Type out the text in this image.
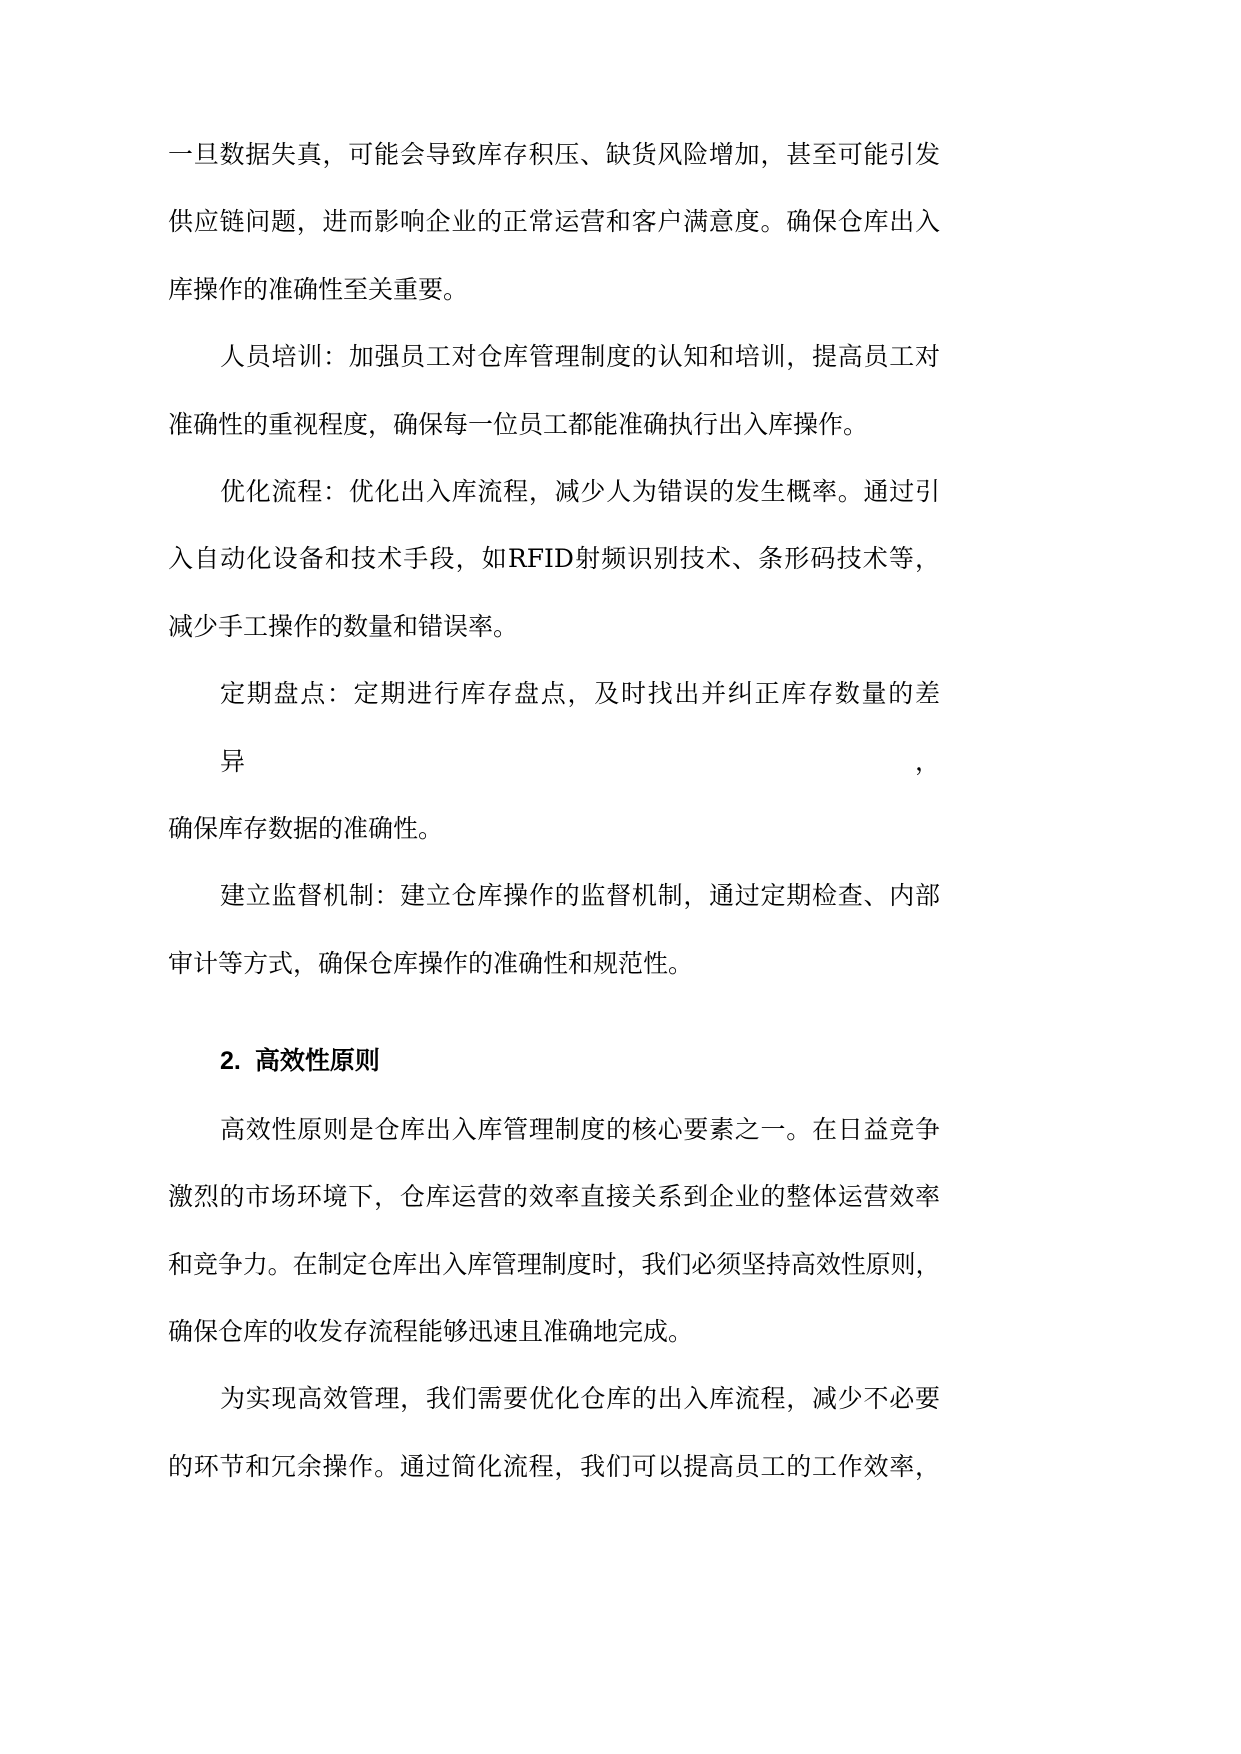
一旦数据失真，可能会导致库存积压、缺货风险增加，甚至可能引发
供应链问题，进而影响企业的正常运营和客户满意度。确保仓库出入
库操作的准确性至关重要。
人员培训：加强员工对仓库管理制度的认知和培训，提高员工对
准确性的重视程度，确保每一位员工都能准确执行出入库操作。
优化流程：优化出入库流程，减少人为错误的发生概率。通过引
入自动化设备和技术手段，如RFID射频识别技术、条形码技术等，
减少手工操作的数量和错误率。
定期盘点：定期进行库存盘点，及时找出并纠正库存数量的差异，
确保库存数据的准确性。
建立监督机制：建立仓库操作的监督机制，通过定期检查、内部
审计等方式，确保仓库操作的准确性和规范性。
2. 高效性原则
高效性原则是仓库出入库管理制度的核心要素之一。在日益竞争
激烈的市场环境下，仓库运营的效率直接关系到企业的整体运营效率
和竞争力。在制定仓库出入库管理制度时，我们必须坚持高效性原则，
确保仓库的收发存流程能够迅速且准确地完成。
为实现高效管理，我们需要优化仓库的出入库流程，减少不必要
的环节和冗余操作。通过简化流程，我们可以提高员工的工作效率，
